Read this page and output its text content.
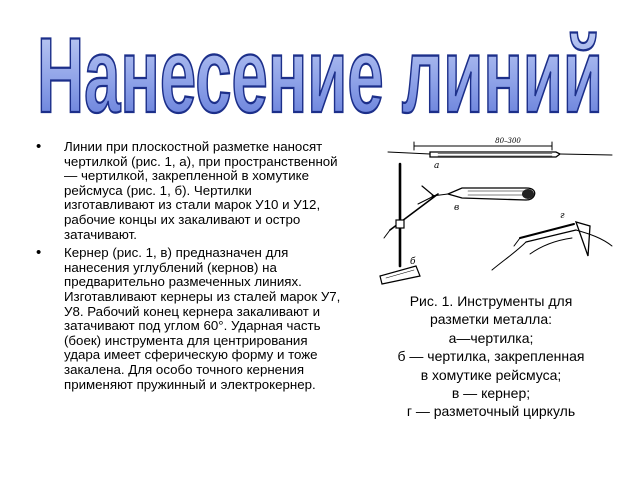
Нанесение линий
• Линии при плоскостной разметке наносят чертилкой (рис. 1, а), при пространственной — чертилкой, закрепленной в хомутике рейсмуса (рис. 1, б). Чертилки изготавливают из стали марок У10 и У12, рабочие концы их закаливают и остро затачивают.
• Кернер (рис. 1, в) предназначен для нанесения углублений (кернов) на предварительно размеченных линиях. Изготавливают кернеры из сталей марок У7, У8. Рабочий конец кернера закаливают и затачивают под углом 60°. Ударная часть (боек) инструмента для центрирования удара имеет сферическую форму и тоже закалена. Для особо точного кернения применяют пружинный и электрокернер.
80–300
а
в
б
г
Рис. 1. Инструменты для
разметки металла:
а—чертилка;
б — чертилка, закрепленная
в хомутике рейсмуса;
в — кернер;
г — разметочный циркуль
